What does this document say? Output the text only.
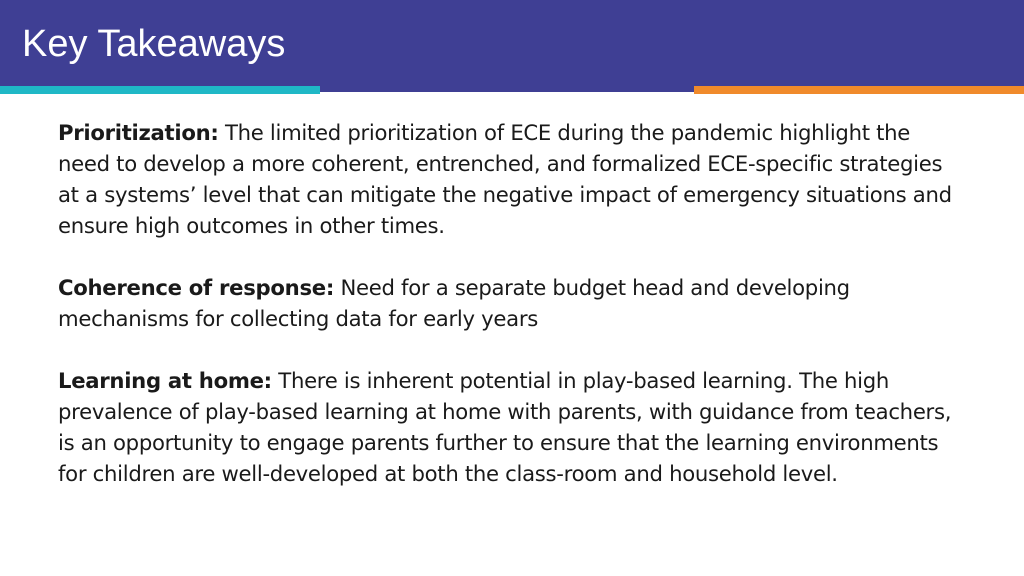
Key Takeaways

Prioritization: The limited prioritization of ECE during the pandemic highlight the need to develop a more coherent, entrenched, and formalized ECE-specific strategies at a systems’ level that can mitigate the negative impact of emergency situations and ensure high outcomes in other times.

Coherence of response: Need for a separate budget head and developing mechanisms for collecting data for early years

Learning at home: There is inherent potential in play-based learning. The high prevalence of play-based learning at home with parents, with guidance from teachers, is an opportunity to engage parents further to ensure that the learning environments for children are well-developed at both the class-room and household level.
